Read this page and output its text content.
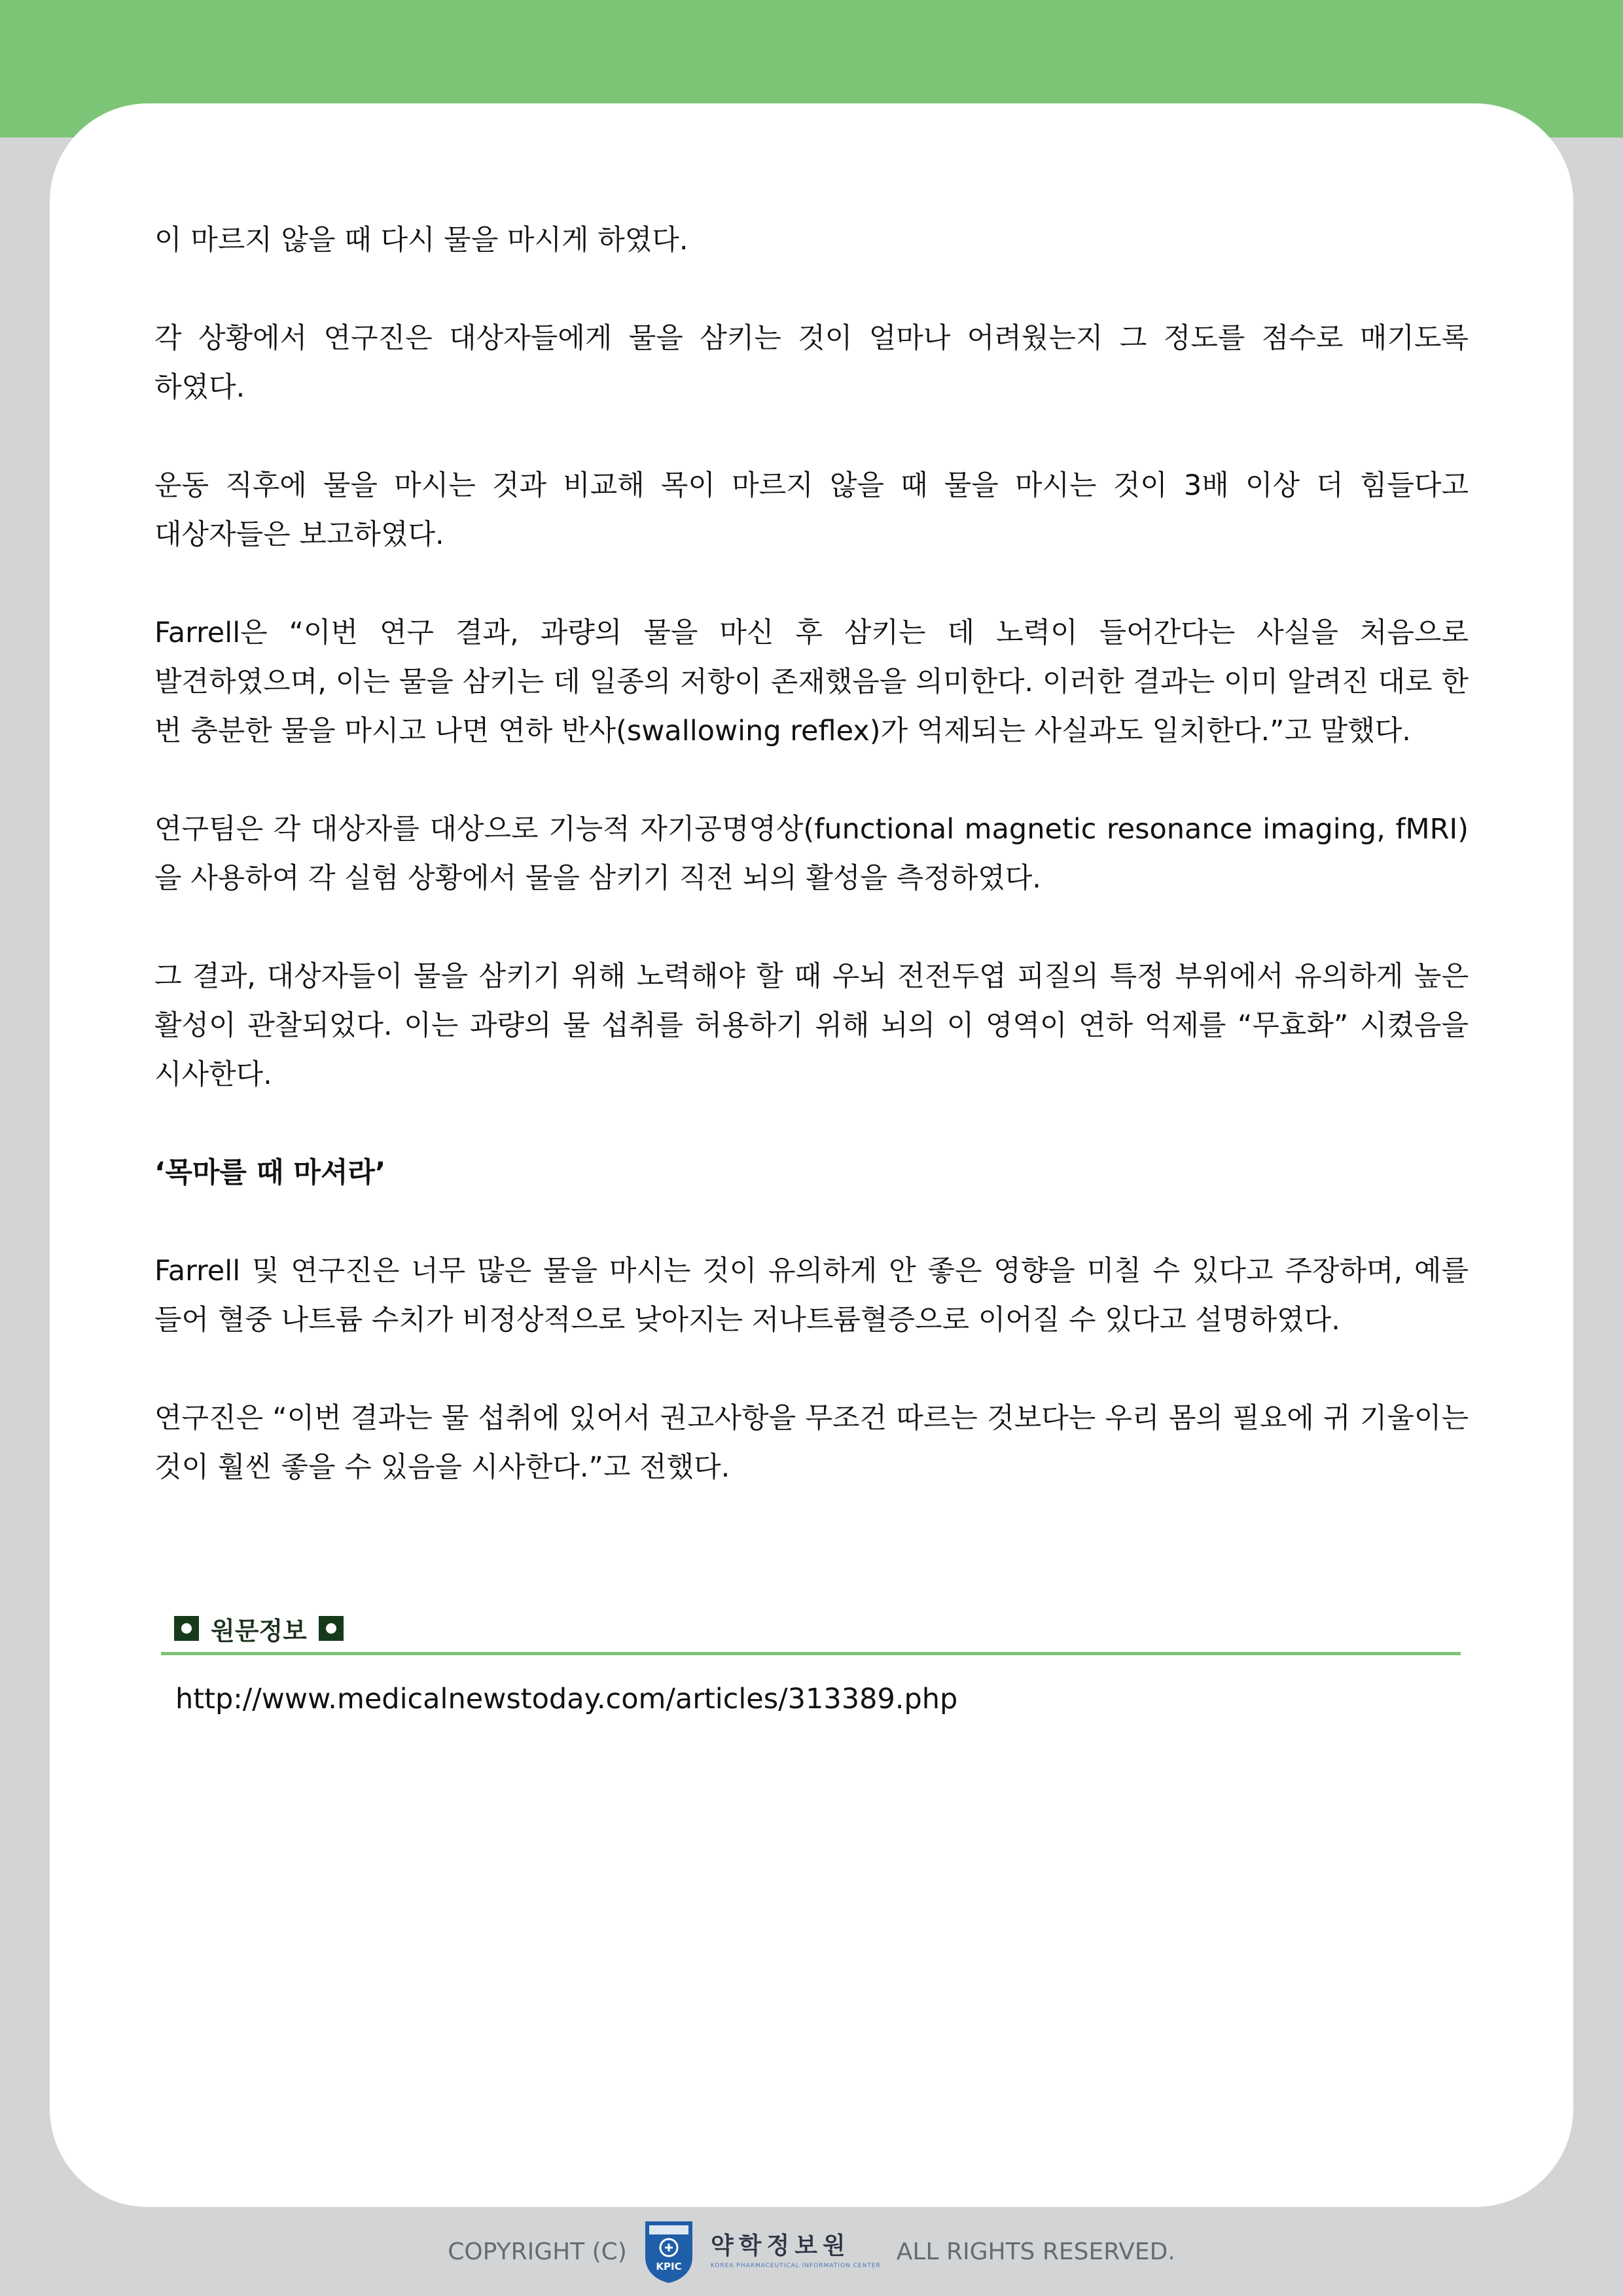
이 마르지 않을 때 다시 물을 마시게 하였다.

각 상황에서 연구진은 대상자들에게 물을 삼키는 것이 얼마나 어려웠는지 그 정도를 점수로 매기도록 하였다.

운동 직후에 물을 마시는 것과 비교해 목이 마르지 않을 때 물을 마시는 것이 3배 이상 더 힘들다고 대상자들은 보고하였다.

Farrell은 “이번 연구 결과, 과량의 물을 마신 후 삼키는 데 노력이 들어간다는 사실을 처음으로 발견하였으며, 이는 물을 삼키는 데 일종의 저항이 존재했음을 의미한다. 이러한 결과는 이미 알려진 대로 한 번 충분한 물을 마시고 나면 연하 반사(swallowing reflex)가 억제되는 사실과도 일치한다.”고 말했다.

연구팀은 각 대상자를 대상으로 기능적 자기공명영상(functional magnetic resonance imaging, fMRI)을 사용하여 각 실험 상황에서 물을 삼키기 직전 뇌의 활성을 측정하였다.

그 결과, 대상자들이 물을 삼키기 위해 노력해야 할 때 우뇌 전전두엽 피질의 특정 부위에서 유의하게 높은 활성이 관찰되었다. 이는 과량의 물 섭취를 허용하기 위해 뇌의 이 영역이 연하 억제를 “무효화” 시켰음을 시사한다.

‘목마를 때 마셔라’

Farrell 및 연구진은 너무 많은 물을 마시는 것이 유의하게 안 좋은 영향을 미칠 수 있다고 주장하며, 예를 들어 혈중 나트륨 수치가 비정상적으로 낮아지는 저나트륨혈증으로 이어질 수 있다고 설명하였다.

연구진은 “이번 결과는 물 섭취에 있어서 권고사항을 무조건 따르는 것보다는 우리 몸의 필요에 귀 기울이는 것이 훨씬 좋을 수 있음을 시사한다.”고 전했다.

원문정보
http://www.medicalnewstoday.com/articles/313389.php
COPYRIGHT (C)
KPIC
약학정보원
KOREA PHARMACEUTICAL INFORMATION CENTER
ALL RIGHTS RESERVED.
